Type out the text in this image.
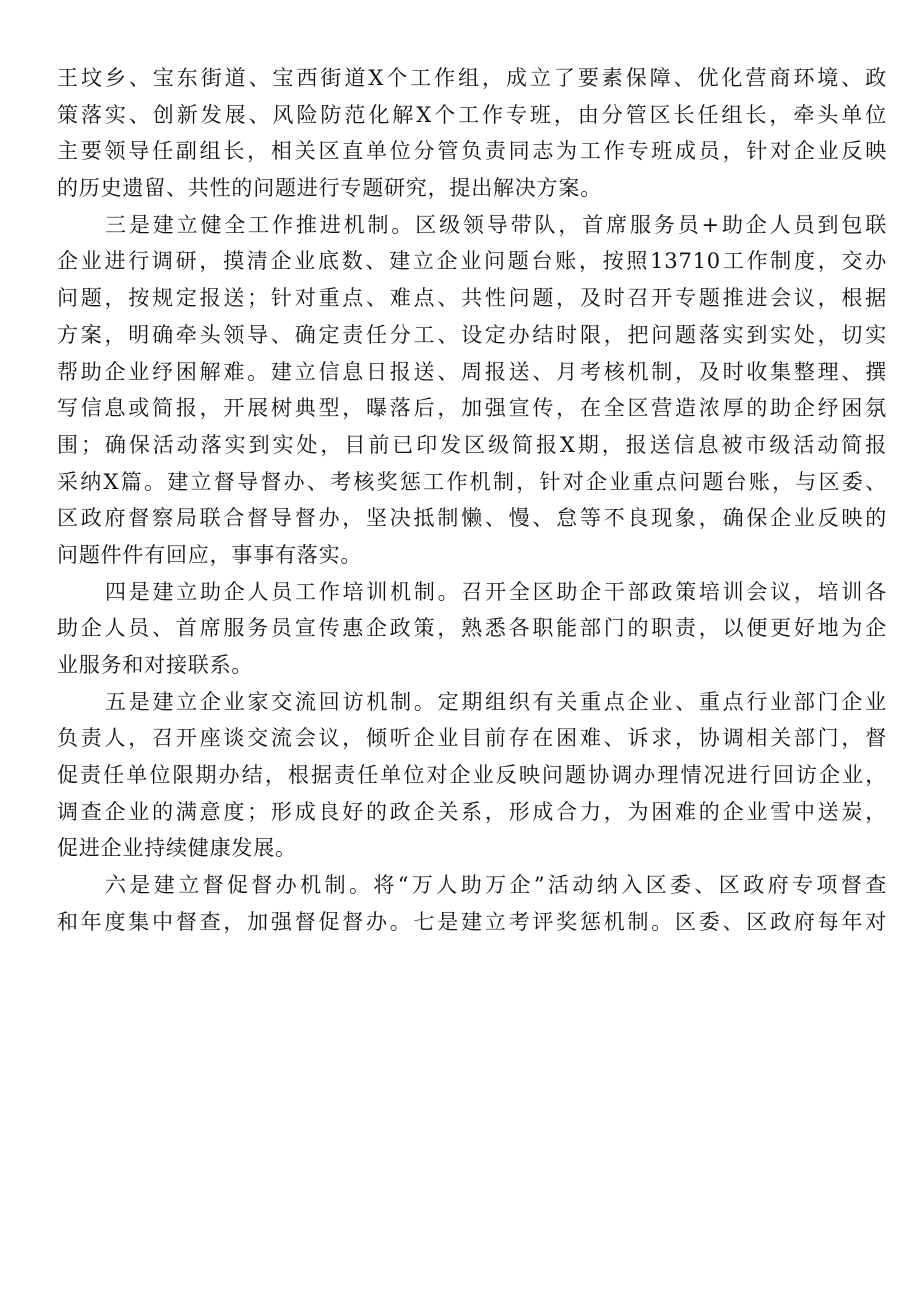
王坟乡、宝东街道、宝西街道X个工作组，成立了要素保障、优化营商环境、政
策落实、创新发展、风险防范化解X个工作专班，由分管区长任组长，牵头单位
主要领导任副组长，相关区直单位分管负责同志为工作专班成员，针对企业反映
的历史遗留、共性的问题进行专题研究，提出解决方案。
三是建立健全工作推进机制。区级领导带队，首席服务员+助企人员到包联
企业进行调研，摸清企业底数、建立企业问题台账，按照13710工作制度，交办
问题，按规定报送；针对重点、难点、共性问题，及时召开专题推进会议，根据
方案，明确牵头领导、确定责任分工、设定办结时限，把问题落实到实处，切实
帮助企业纾困解难。建立信息日报送、周报送、月考核机制，及时收集整理、撰
写信息或简报，开展树典型，曝落后，加强宣传，在全区营造浓厚的助企纾困氛
围；确保活动落实到实处，目前已印发区级简报X期，报送信息被市级活动简报
采纳X篇。建立督导督办、考核奖惩工作机制，针对企业重点问题台账，与区委、
区政府督察局联合督导督办，坚决抵制懒、慢、怠等不良现象，确保企业反映的
问题件件有回应，事事有落实。
四是建立助企人员工作培训机制。召开全区助企干部政策培训会议，培训各
助企人员、首席服务员宣传惠企政策，熟悉各职能部门的职责，以便更好地为企
业服务和对接联系。
五是建立企业家交流回访机制。定期组织有关重点企业、重点行业部门企业
负责人，召开座谈交流会议，倾听企业目前存在困难、诉求，协调相关部门，督
促责任单位限期办结，根据责任单位对企业反映问题协调办理情况进行回访企业，
调查企业的满意度；形成良好的政企关系，形成合力，为困难的企业雪中送炭，
促进企业持续健康发展。
六是建立督促督办机制。将“万人助万企”活动纳入区委、区政府专项督查
和年度集中督查，加强督促督办。七是建立考评奖惩机制。区委、区政府每年对
